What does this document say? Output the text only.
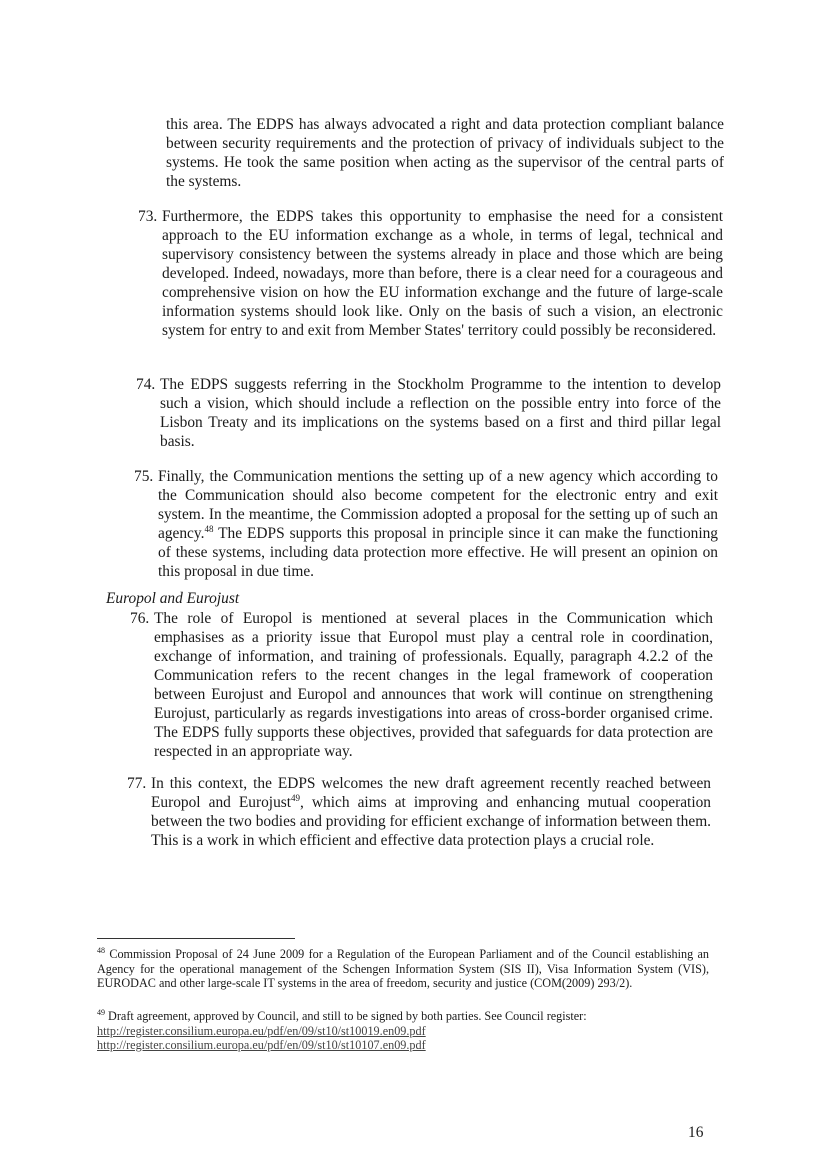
this area. The EDPS has always advocated a right and data protection compliant balance between security requirements and the protection of privacy of individuals subject to the systems. He took the same position when acting as the supervisor of the central parts of the systems.

73. Furthermore, the EDPS takes this opportunity to emphasise the need for a consistent approach to the EU information exchange as a whole, in terms of legal, technical and supervisory consistency between the systems already in place and those which are being developed. Indeed, nowadays, more than before, there is a clear need for a courageous and comprehensive vision on how the EU information exchange and the future of large-scale information systems should look like. Only on the basis of such a vision, an electronic system for entry to and exit from Member States' territory could possibly be reconsidered.
74. The EDPS suggests referring in the Stockholm Programme to the intention to develop such a vision, which should include a reflection on the possible entry into force of the Lisbon Treaty and its implications on the systems based on a first and third pillar legal basis.
75. Finally, the Communication mentions the setting up of a new agency which according to the Communication should also become competent for the electronic entry and exit system. In the meantime, the Commission adopted a proposal for the setting up of such an agency.$^{48}$ The EDPS supports this proposal in principle since it can make the functioning of these systems, including data protection more effective. He will present an opinion on this proposal in due time.

Europol and Eurojust

76. The role of Europol is mentioned at several places in the Communication which emphasises as a priority issue that Europol must play a central role in coordination, exchange of information, and training of professionals. Equally, paragraph 4.2.2 of the Communication refers to the recent changes in the legal framework of cooperation between Eurojust and Europol and announces that work will continue on strengthening Eurojust, particularly as regards investigations into areas of cross-border organised crime. The EDPS fully supports these objectives, provided that safeguards for data protection are respected in an appropriate way.
77. In this context, the EDPS welcomes the new draft agreement recently reached between Europol and Eurojust$^{49}$, which aims at improving and enhancing mutual cooperation between the two bodies and providing for efficient exchange of information between them. This is a work in which efficient and effective data protection plays a crucial role.

$^{48}$ Commission Proposal of 24 June 2009 for a Regulation of the European Parliament and of the Council establishing an Agency for the operational management of the Schengen Information System (SIS II), Visa Information System (VIS), EURODAC and other large-scale IT systems in the area of freedom, security and justice (COM(2009) 293/2).

$^{49}$ Draft agreement, approved by Council, and still to be signed by both parties. See Council register:
http://register.consilium.europa.eu/pdf/en/09/st10/st10019.en09.pdf
http://register.consilium.europa.eu/pdf/en/09/st10/st10107.en09.pdf
16
